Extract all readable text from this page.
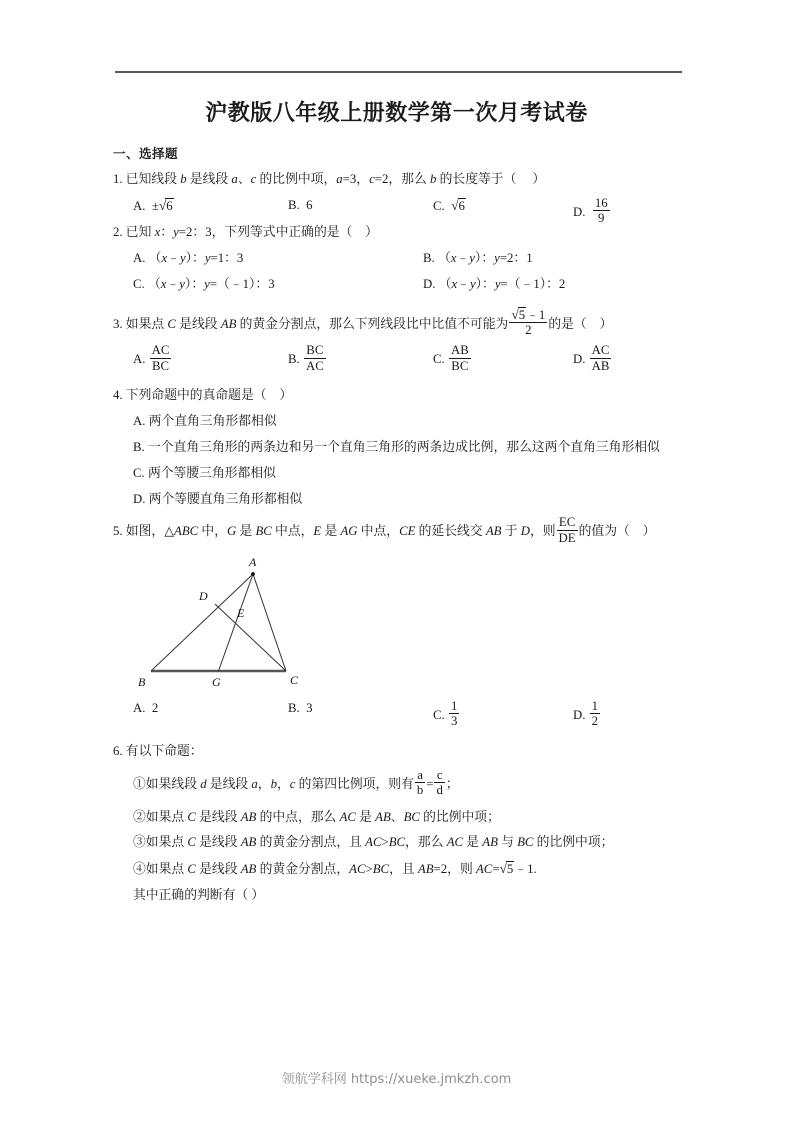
沪教版八年级上册数学第一次月考试卷
一、选择题
1. 已知线段 b 是线段 a、c 的比例中项，a=3，c=2，那么 b 的长度等于（     ）
A. ±√6	B. 6	C. √6	D. $\frac{16}{9}$
2. 已知 x：y=2：3，下列等式中正确的是（    ）
A. （x﹣y）：y=1：3	B. （x﹣y）：y=2：1
C. （x﹣y）：y=（﹣1）：3	D. （x﹣y）：y=（﹣1）：2
3. 如果点 C 是线段 AB 的黄金分割点，那么下列线段比中比值不可能为 $\frac{√5﹣1}{2}$ 的是（    ）
A. $\frac{AC}{BC}$	B. $\frac{BC}{AC}$	C. $\frac{AB}{BC}$	D. $\frac{AC}{AB}$
4. 下列命题中的真命题是（    ）
A. 两个直角三角形都相似
B. 一个直角三角形的两条边和另一个直角三角形的两条边成比例，那么这两个直角三角形相似
C. 两个等腰三角形都相似
D. 两个等腰直角三角形都相似
5. 如图，△ABC 中，G 是 BC 中点，E 是 AG 中点，CE 的延长线交 AB 于 D，则 $\frac{EC}{DE}$ 的值为（    ）
A
B	C
D
E
G
A. 2	B. 3
C. $\frac{1}{3}$	D. $\frac{1}{2}$
6. 有以下命题：
①如果线段 d 是线段 a，b，c 的第四比例项，则有 $\frac{a}{b} = \frac{c}{d}$ ；
②如果点 C 是线段 AB 的中点，那么 AC 是 AB、BC 的比例中项；
③如果点 C 是线段 AB 的黄金分割点，且 AC>BC，那么 AC 是 AB 与 BC 的比例中项；
④如果点 C 是线段 AB 的黄金分割点，AC>BC，且 AB=2，则 AC=√5﹣1.
其中正确的判断有（ ）
领航学科网 https://xueke.jmkzh.com
